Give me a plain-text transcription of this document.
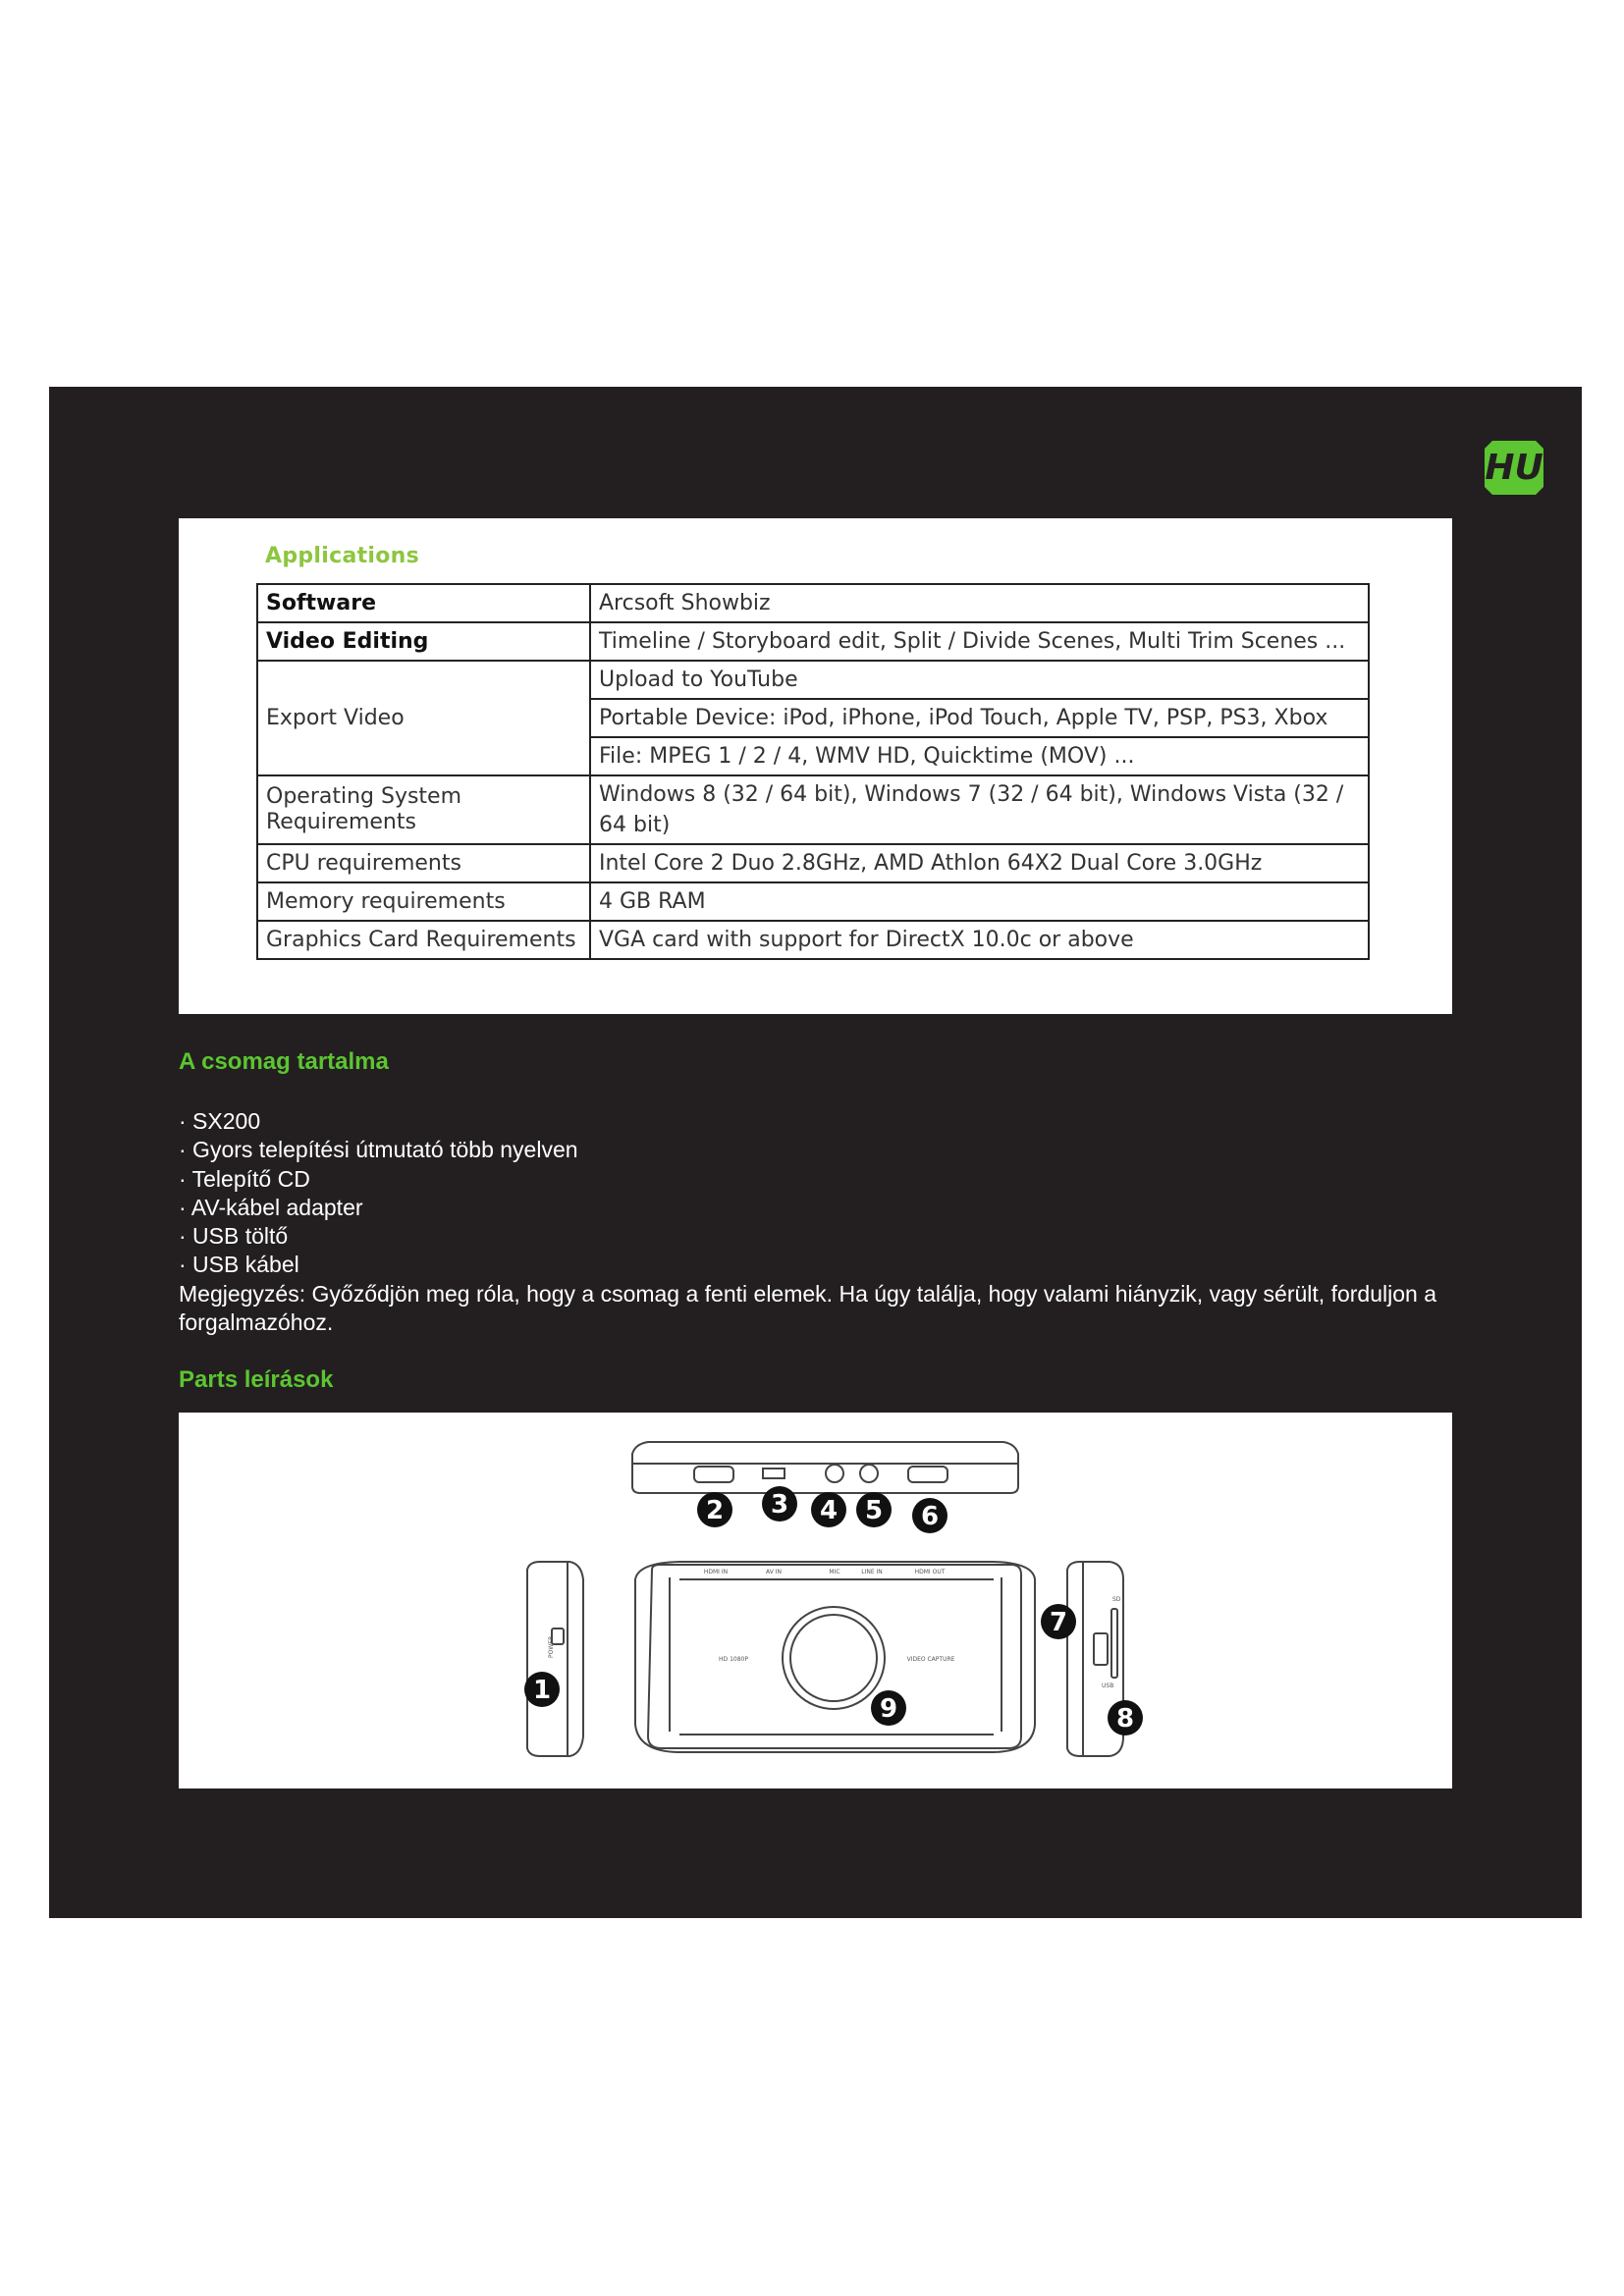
HU
Applications
Software	Arcsoft Showbiz
Video Editing	Timeline / Storyboard edit, Split / Divide Scenes, Multi Trim Scenes ...
Export Video	Upload to YouTube
	Portable Device: iPod, iPhone, iPod Touch, Apple TV, PSP, PS3, Xbox
	File: MPEG 1 / 2 / 4, WMV HD, Quicktime (MOV) ...
Operating System Requirements	Windows 8 (32 / 64 bit), Windows 7 (32 / 64 bit), Windows Vista (32 / 64 bit)
CPU requirements	Intel Core 2 Duo 2.8GHz, AMD Athlon 64X2 Dual Core 3.0GHz
Memory requirements	4 GB RAM
Graphics Card Requirements	VGA card with support for DirectX 10.0c or above
A csomag tartalma
· SX200
· Gyors telepítési útmutató több nyelven
· Telepítő CD
· AV-kábel adapter
· USB töltő
· USB kábel
Megjegyzés: Győződjön meg róla, hogy a csomag a fenti elemek. Ha úgy találja, hogy valami hiányzik, vagy sérült, forduljon a forgalmazóhoz.
Parts leírások
HDMI IN	AV IN	MIC	LINE IN	HDMI OUT
HD 1080P	VIDEO CAPTURE
POWER
USB
SD
1
2 3 4 5 6
7
8
9
